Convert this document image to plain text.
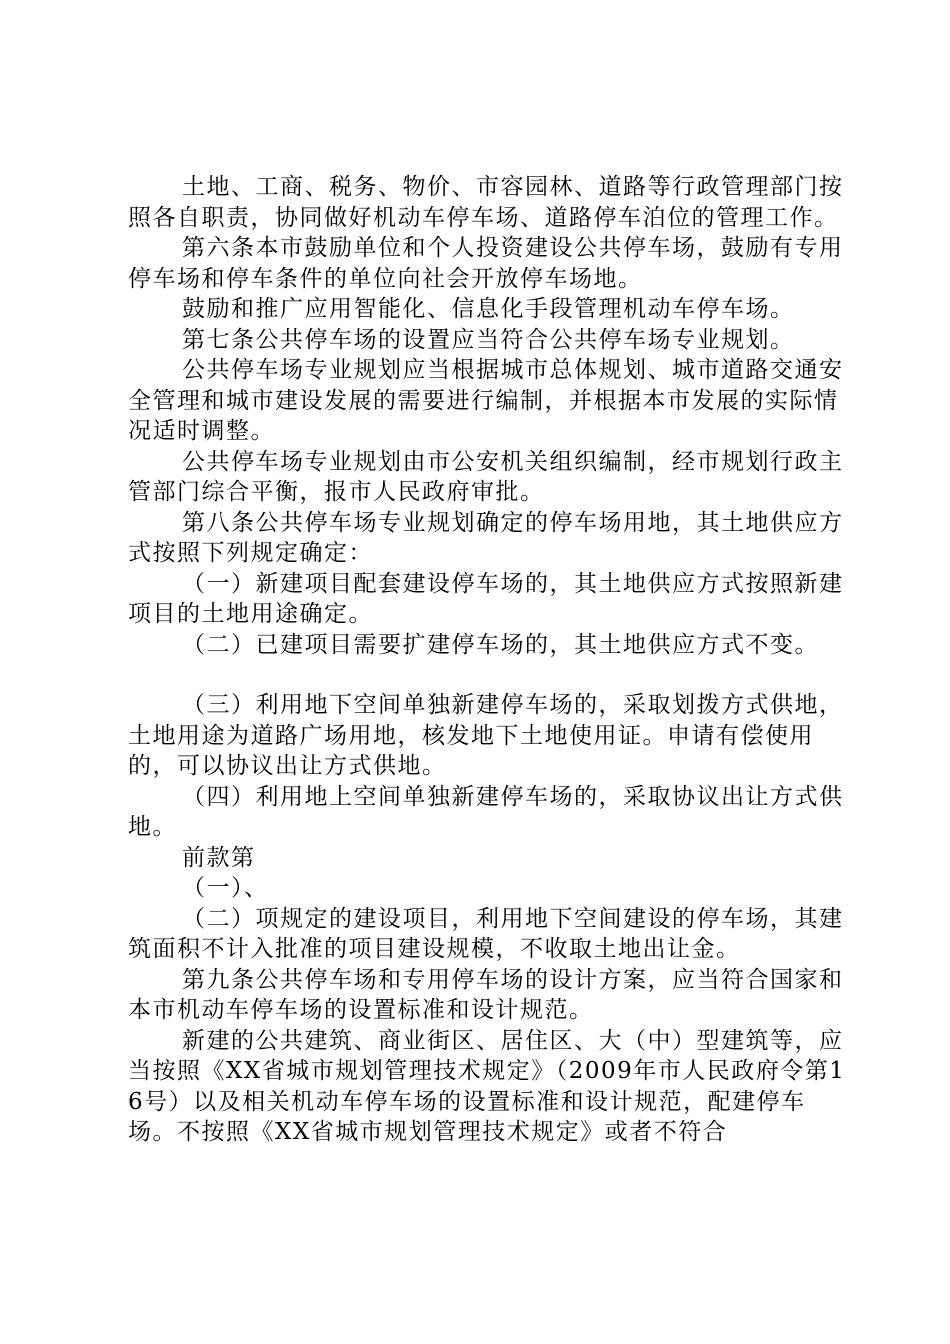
土地、工商、税务、物价、市容园林、道路等行政管理部门按照各自职责，协同做好机动车停车场、道路停车泊位的管理工作。

第六条本市鼓励单位和个人投资建设公共停车场，鼓励有专用停车场和停车条件的单位向社会开放停车场地。

鼓励和推广应用智能化、信息化手段管理机动车停车场。

第七条公共停车场的设置应当符合公共停车场专业规划。

公共停车场专业规划应当根据城市总体规划、城市道路交通安全管理和城市建设发展的需要进行编制，并根据本市发展的实际情况适时调整。

公共停车场专业规划由市公安机关组织编制，经市规划行政主管部门综合平衡，报市人民政府审批。

第八条公共停车场专业规划确定的停车场用地，其土地供应方式按照下列规定确定：

（一）新建项目配套建设停车场的，其土地供应方式按照新建项目的土地用途确定。

（二）已建项目需要扩建停车场的，其土地供应方式不变。

（三）利用地下空间单独新建停车场的，采取划拨方式供地，土地用途为道路广场用地，核发地下土地使用证。申请有偿使用的，可以协议出让方式供地。

（四）利用地上空间单独新建停车场的，采取协议出让方式供地。

前款第

（一）、

（二）项规定的建设项目，利用地下空间建设的停车场，其建筑面积不计入批准的项目建设规模，不收取土地出让金。

第九条公共停车场和专用停车场的设计方案，应当符合国家和本市机动车停车场的设置标准和设计规范。

新建的公共建筑、商业街区、居住区、大（中）型建筑等，应当按照《XX省城市规划管理技术规定》（2009年市人民政府令第16号）以及相关机动车停车场的设置标准和设计规范，配建停车场。不按照《XX省城市规划管理技术规定》或者不符合
